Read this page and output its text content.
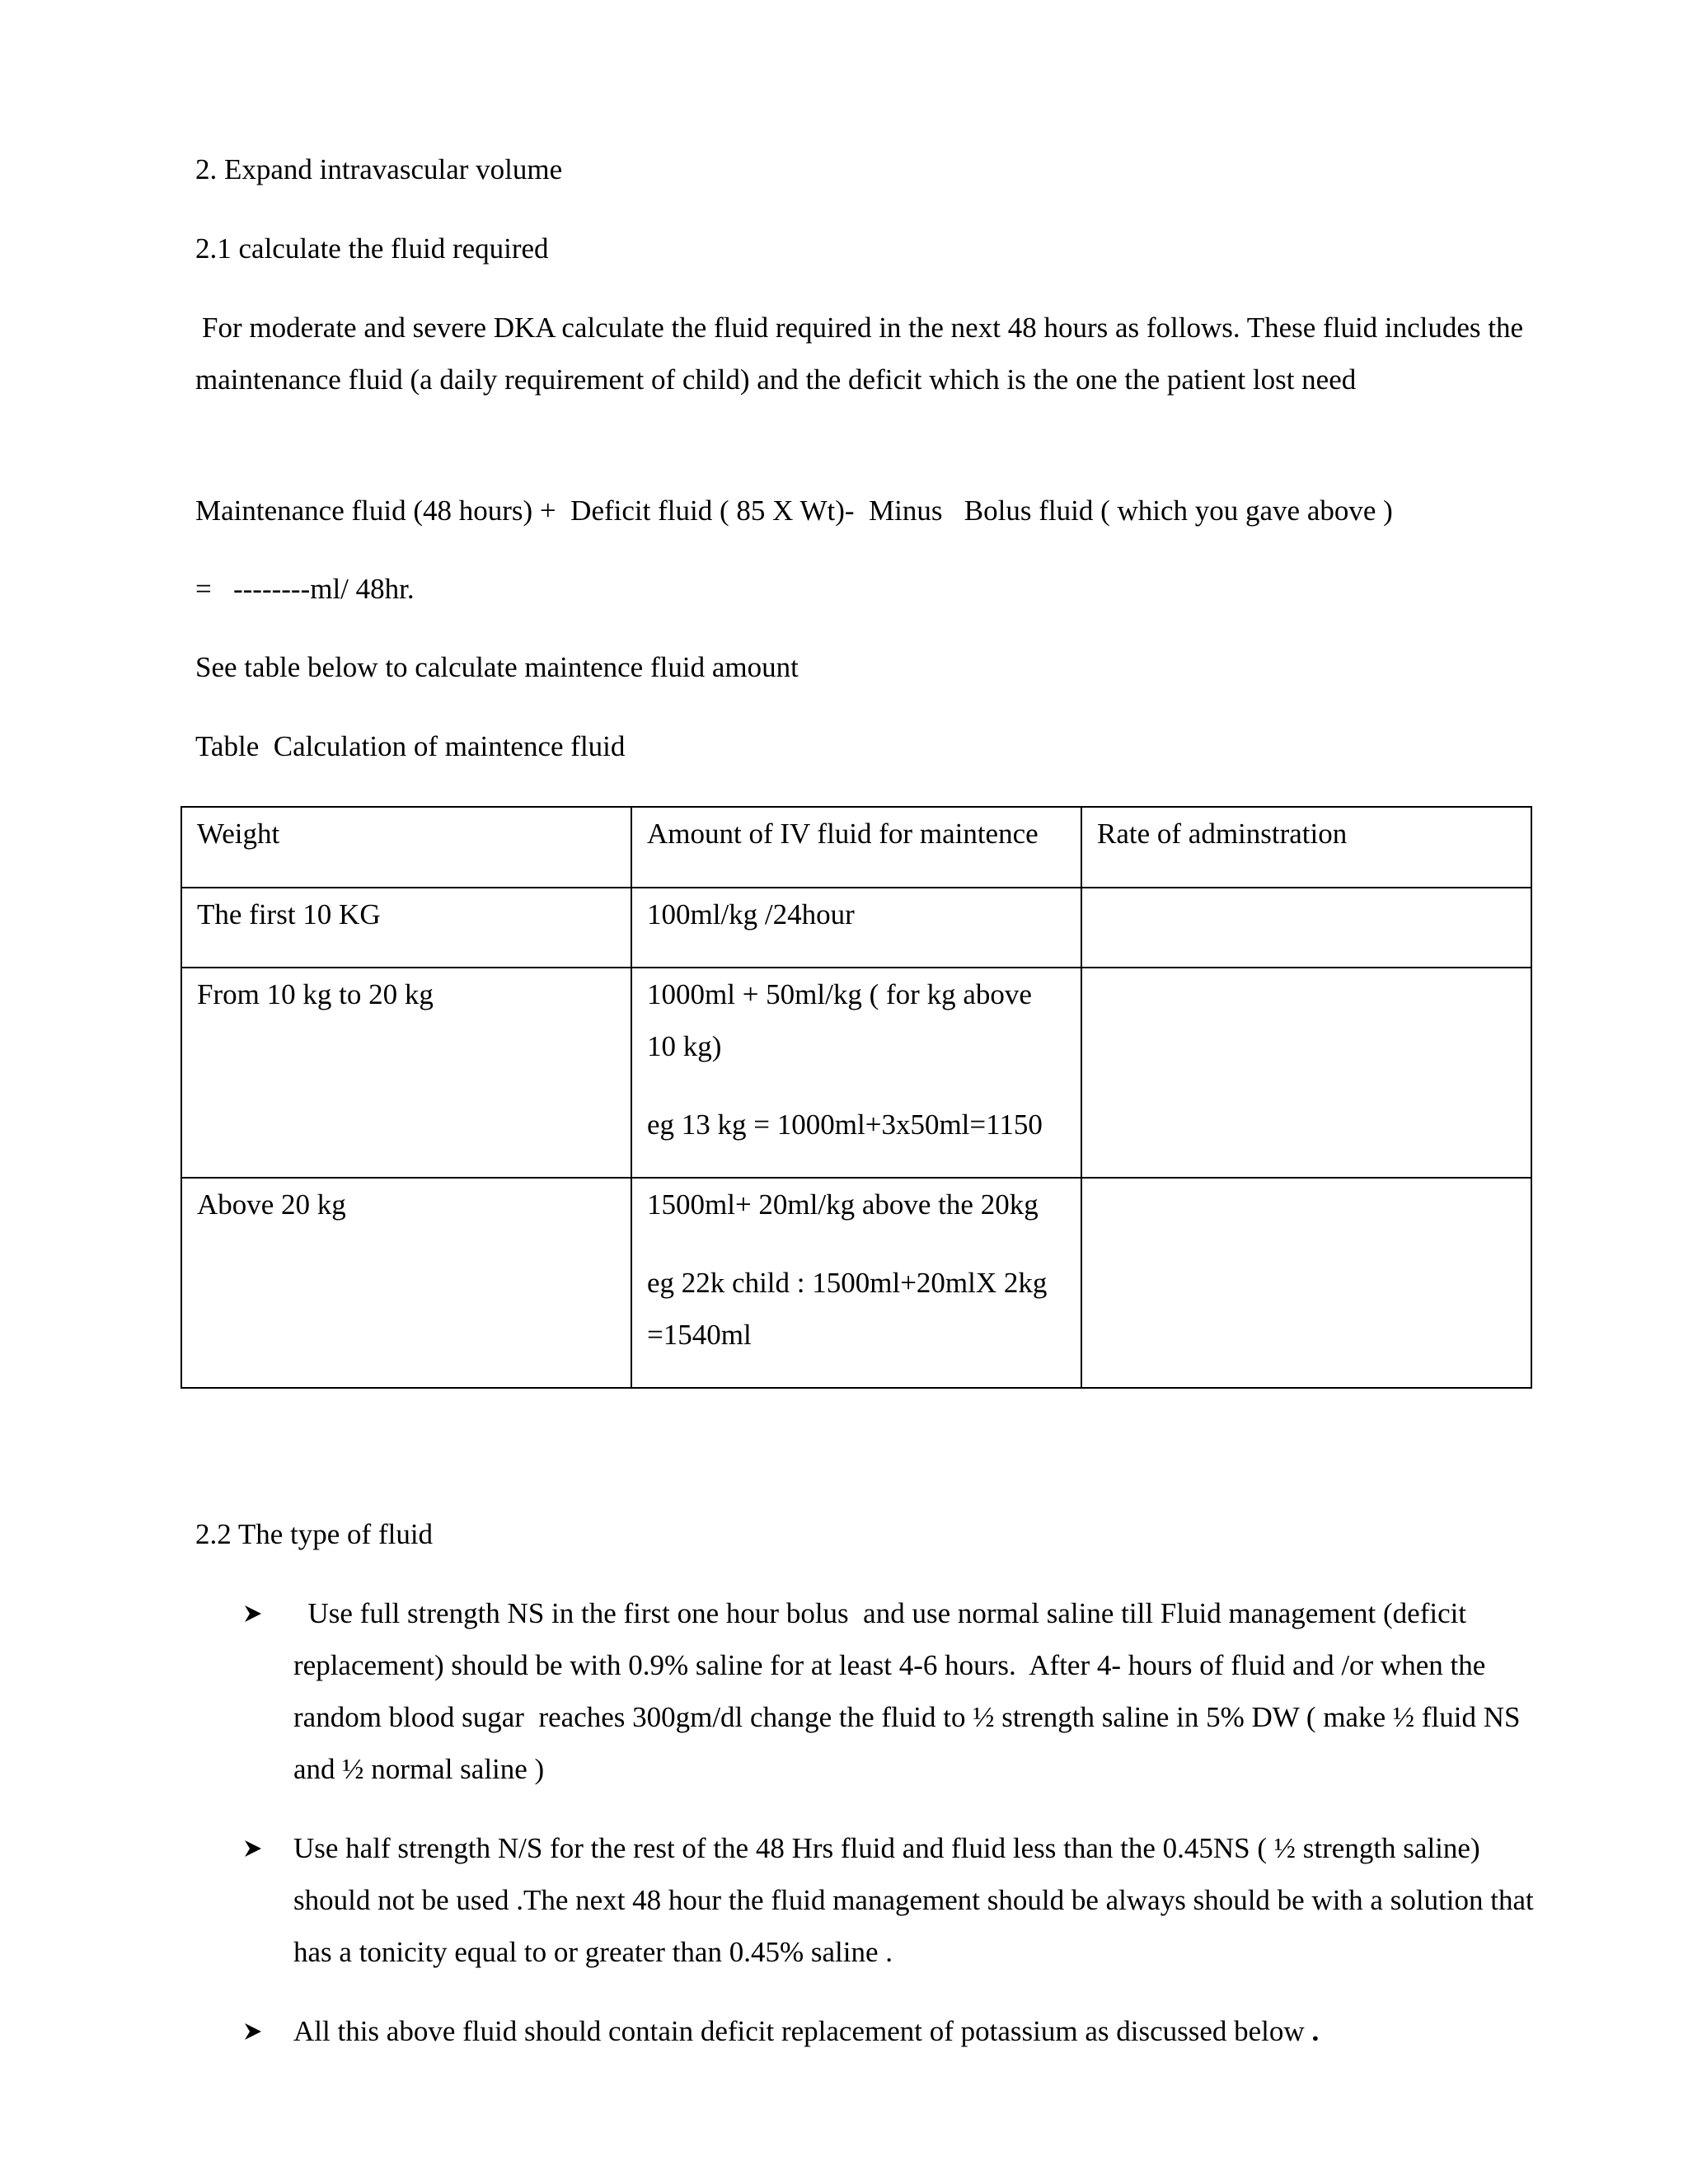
2. Expand intravascular volume
2.1 calculate the fluid required
For moderate and severe DKA calculate the fluid required in the next 48 hours as follows. These fluid includes the maintenance fluid (a daily requirement of child) and the deficit which is the one the patient lost need
Maintenance fluid (48 hours) +  Deficit fluid ( 85 X Wt)-  Minus   Bolus fluid ( which you gave above )
=   --------ml/ 48hr.
See table below to calculate maintence fluid amount
Table  Calculation of maintence fluid
Weight	Amount of IV fluid for maintence	Rate of adminstration
The first 10 KG	100ml/kg /24hour	

From 10 kg to 20 kg	1000ml + 50ml/kg ( for kg above 10 kg)

eg 13 kg = 1000ml+3x50ml=1150	

Above 20 kg	1500ml+ 20ml/kg above the 20kg

eg 22k child : 1500ml+20mlX 2kg =1540ml	

2.2 The type of fluid
Use full strength NS in the first one hour bolus  and use normal saline till Fluid management (deficit replacement) should be with 0.9% saline for at least 4-6 hours.  After 4- hours of fluid and /or when the random blood sugar  reaches 300gm/dl change the fluid to ½ strength saline in 5% DW ( make ½ fluid NS and ½ normal saline )
Use half strength N/S for the rest of the 48 Hrs fluid and fluid less than the 0.45NS ( ½ strength saline) should not be used .The next 48 hour the fluid management should be always should be with a solution that has a tonicity equal to or greater than 0.45% saline .
All this above fluid should contain deficit replacement of potassium as discussed below .
